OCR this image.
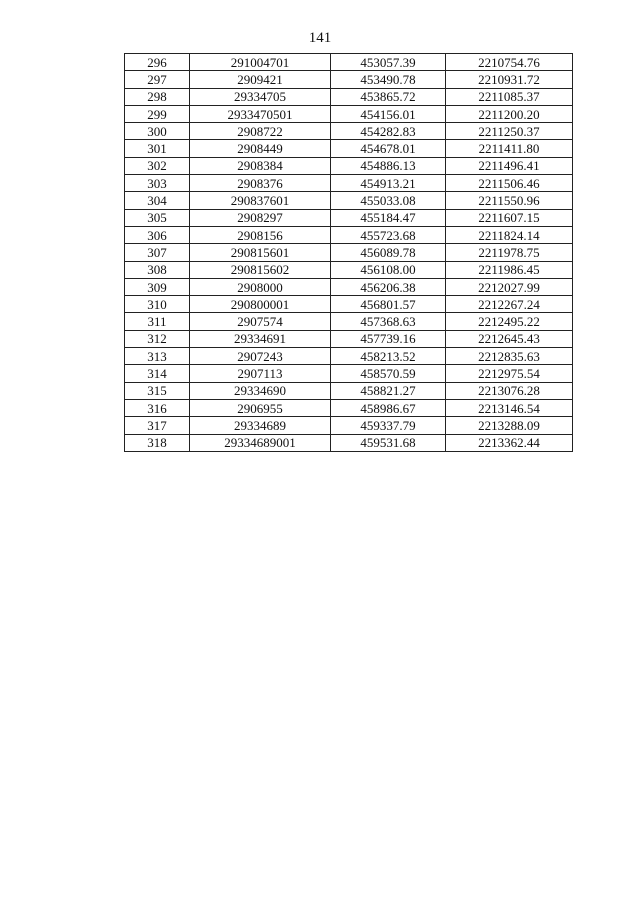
141
296	291004701	453057.39	2210754.76
297	2909421	453490.78	2210931.72
298	29334705	453865.72	2211085.37
299	2933470501	454156.01	2211200.20
300	2908722	454282.83	2211250.37
301	2908449	454678.01	2211411.80
302	2908384	454886.13	2211496.41
303	2908376	454913.21	2211506.46
304	290837601	455033.08	2211550.96
305	2908297	455184.47	2211607.15
306	2908156	455723.68	2211824.14
307	290815601	456089.78	2211978.75
308	290815602	456108.00	2211986.45
309	2908000	456206.38	2212027.99
310	290800001	456801.57	2212267.24
311	2907574	457368.63	2212495.22
312	29334691	457739.16	2212645.43
313	2907243	458213.52	2212835.63
314	2907113	458570.59	2212975.54
315	29334690	458821.27	2213076.28
316	2906955	458986.67	2213146.54
317	29334689	459337.79	2213288.09
318	29334689001	459531.68	2213362.44
